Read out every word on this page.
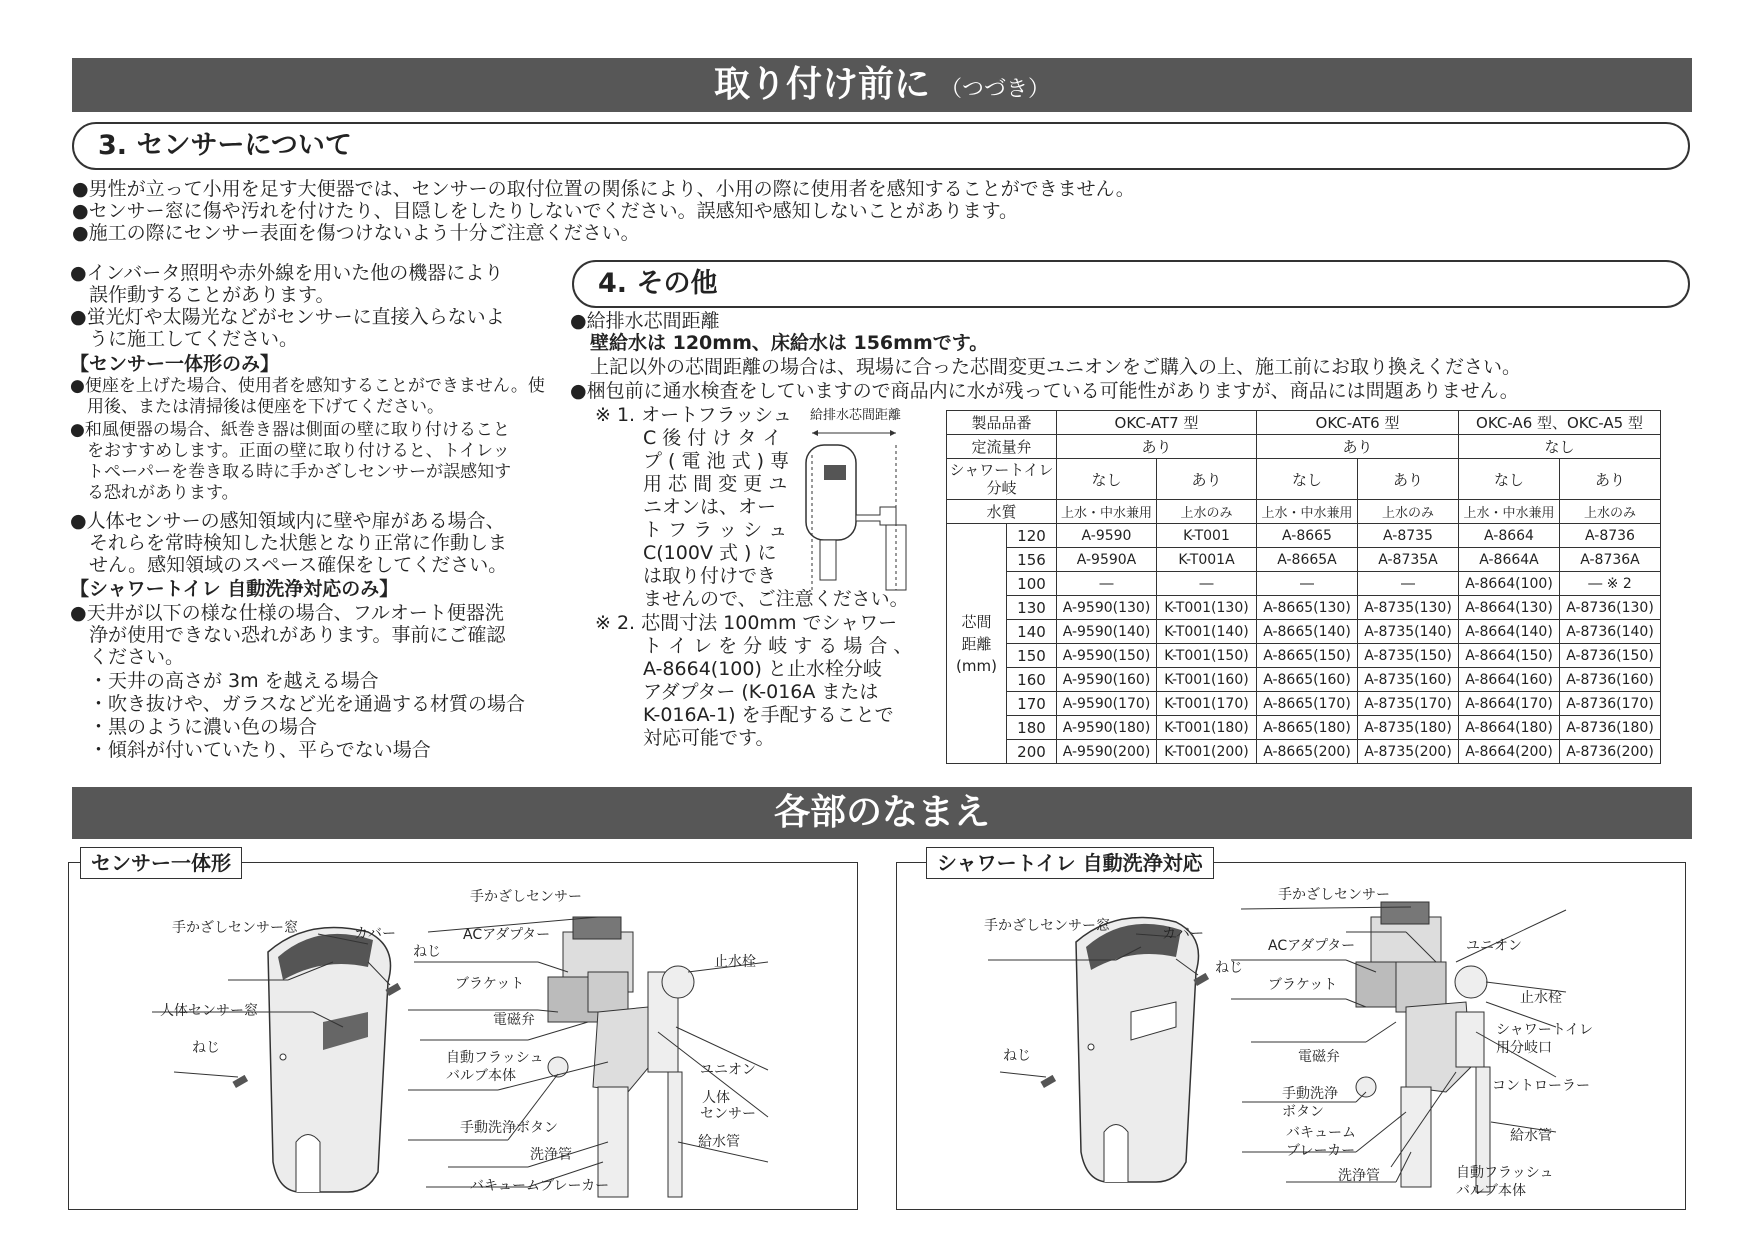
取り付け前に （つづき）
3. センサーについて
●男性が立って小用を足す大便器では、センサーの取付位置の関係により、小用の際に使用者を感知することができません。
●センサー窓に傷や汚れを付けたり、目隠しをしたりしないでください。誤感知や感知しないことがあります。
●施工の際にセンサー表面を傷つけないよう十分ご注意ください。
●インバータ照明や赤外線を用いた他の機器により
　誤作動することがあります。
●蛍光灯や太陽光などがセンサーに直接入らないよ
　うに施工してください。
【センサー一体形のみ】
●便座を上げた場合、使用者を感知することができません。使
　用後、または清掃後は便座を下げてください。
●和風便器の場合、紙巻き器は側面の壁に取り付けること
　をおすすめします。正面の壁に取り付けると、トイレッ
　トペーパーを巻き取る時に手かざしセンサーが誤感知す
　る恐れがあります。
●人体センサーの感知領域内に壁や扉がある場合、
　それらを常時検知した状態となり正常に作動しま
　せん。感知領域のスペース確保をしてください。
【シャワートイレ 自動洗浄対応のみ】
●天井が以下の様な仕様の場合、フルオート便器洗
　浄が使用できない恐れがあります。事前にご確認
　ください。
　・天井の高さが 3m を越える場合
　・吹き抜けや、ガラスなど光を通過する材質の場合
　・黒のように濃い色の場合
　・傾斜が付いていたり、平らでない場合
4. その他
●給排水芯間距離
壁給水は 120mm、床給水は 156mmです。
上記以外の芯間距離の場合は、現場に合った芯間変更ユニオンをご購入の上、施工前にお取り換えください。
●梱包前に通水検査をしていますので商品内に水が残っている可能性がありますが、商品には問題ありません。
※ 1. オートフラッシュ
C 後 付 け タ イ
プ ( 電 池 式 ) 専
用 芯 間 変 更 ユ
ニオンは、オー
ト フ ラ ッ シ ュ
C(100V 式 ) に
は取り付けでき
ませんので、ご注意ください。
※ 2. 芯間寸法 100mm でシャワー
ト イ レ を 分 岐 す る 場 合 、
A-8664(100) と止水栓分岐
アダプター (K-016A または
K-016A-1) を手配することで
対応可能です。
給排水芯間距離	製品品番		OKC-AT7 型		OKC-AT6 型		OKC-A6 型、OKC-A5 型	
定流量弁		あり		あり		なし	
シャワートイレ
分岐		なし	あり	なし	あり	なし	あり
水質		上水・中水兼用	上水のみ	上水・中水兼用	上水のみ	上水・中水兼用	上水のみ

芯間
距離
(mm)	120	A-9590	K-T001	A-8665	A-8735	A-8664	A-8736
	156	A-9590A	K-T001A	A-8665A	A-8735A	A-8664A	A-8736A
	100	―	―	―	―	A-8664(100)	― ※ 2
	130	A-9590(130)	K-T001(130)	A-8665(130)	A-8735(130)	A-8664(130)	A-8736(130)
	140	A-9590(140)	K-T001(140)	A-8665(140)	A-8735(140)	A-8664(140)	A-8736(140)
	150	A-9590(150)	K-T001(150)	A-8665(150)	A-8735(150)	A-8664(150)	A-8736(150)
	160	A-9590(160)	K-T001(160)	A-8665(160)	A-8735(160)	A-8664(160)	A-8736(160)
	170	A-9590(170)	K-T001(170)	A-8665(170)	A-8735(170)	A-8664(170)	A-8736(170)
	180	A-9590(180)	K-T001(180)	A-8665(180)	A-8735(180)	A-8664(180)	A-8736(180)
	200	A-9590(200)	K-T001(200)	A-8665(200)	A-8735(200)	A-8664(200)	A-8736(200)
各部のなまえ
センサー一体形
手かざしセンサー窓	カバー
ねじ
人体センサー窓
ねじ
手かざしセンサー
ACアダプター
ブラケット
電磁弁
自動フラッシュ
バルブ本体
手動洗浄ボタン
洗浄管
バキュームブレーカー
止水栓
ユニオン
人体
センサー
給水管
シャワートイレ 自動洗浄対応
手かざしセンサー窓	カバー
ねじ
ねじ
手かざしセンサー
ACアダプター	ユニオン
ブラケット
止水栓
シャワートイレ
用分岐口
電磁弁
コントローラー
手動洗浄
ボタン
バキューム
ブレーカー
給水管
洗浄管	自動フラッシュ
バルブ本体
